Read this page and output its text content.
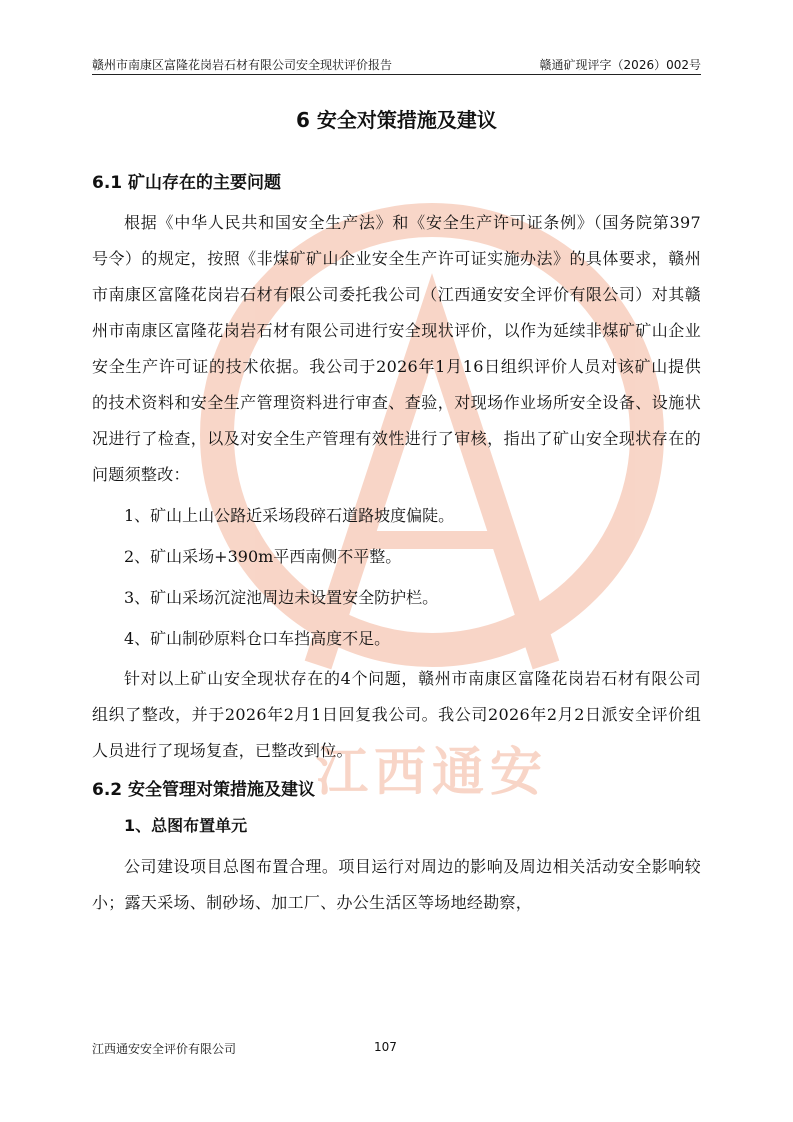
赣州市南康区富隆花岗岩石材有限公司安全现状评价报告	赣通矿现评字（2026）002号
江西通安
6 安全对策措施及建议
6.1 矿山存在的主要问题

根据《中华人民共和国安全生产法》和《安全生产许可证条例》（国务院第397号令）的规定，按照《非煤矿矿山企业安全生产许可证实施办法》的具体要求，赣州市南康区富隆花岗岩石材有限公司委托我公司（江西通安安全评价有限公司）对其赣州市南康区富隆花岗岩石材有限公司进行安全现状评价，以作为延续非煤矿矿山企业安全生产许可证的技术依据。我公司于2026年1月16日组织评价人员对该矿山提供的技术资料和安全生产管理资料进行审查、查验，对现场作业场所安全设备、设施状况进行了检查，以及对安全生产管理有效性进行了审核，指出了矿山安全现状存在的问题须整改：

1、矿山上山公路近采场段碎石道路坡度偏陡。

2、矿山采场+390m平西南侧不平整。

3、矿山采场沉淀池周边未设置安全防护栏。

4、矿山制砂原料仓口车挡高度不足。

针对以上矿山安全现状存在的4个问题，赣州市南康区富隆花岗岩石材有限公司组织了整改，并于2026年2月1日回复我公司。我公司2026年2月2日派安全评价组人员进行了现场复查，已整改到位。

6.2 安全管理对策措施及建议
1、总图布置单元

公司建设项目总图布置合理。项目运行对周边的影响及周边相关活动安全影响较小；露天采场、制砂场、加工厂、办公生活区等场地经勘察，

江西通安安全评价有限公司	107
